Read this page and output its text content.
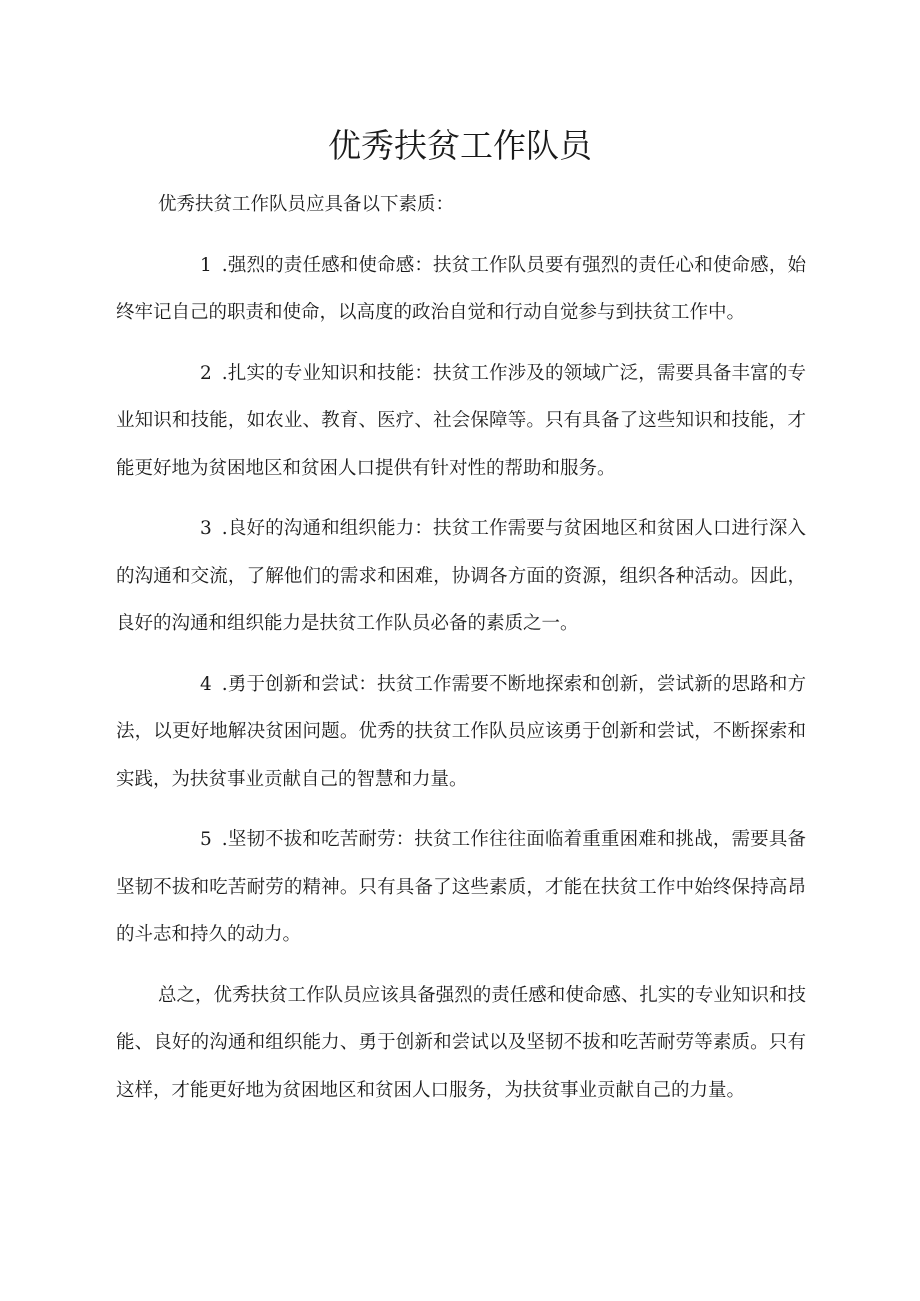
优秀扶贫工作队员

优秀扶贫工作队员应具备以下素质：

1 .强烈的责任感和使命感：扶贫工作队员要有强烈的责任心和使命感，始终牢记自己的职责和使命，以高度的政治自觉和行动自觉参与到扶贫工作中。

2 .扎实的专业知识和技能：扶贫工作涉及的领域广泛，需要具备丰富的专业知识和技能，如农业、教育、医疗、社会保障等。只有具备了这些知识和技能，才能更好地为贫困地区和贫困人口提供有针对性的帮助和服务。

3 .良好的沟通和组织能力：扶贫工作需要与贫困地区和贫困人口进行深入的沟通和交流，了解他们的需求和困难，协调各方面的资源，组织各种活动。因此，良好的沟通和组织能力是扶贫工作队员必备的素质之一。

4 .勇于创新和尝试：扶贫工作需要不断地探索和创新，尝试新的思路和方法，以更好地解决贫困问题。优秀的扶贫工作队员应该勇于创新和尝试，不断探索和实践，为扶贫事业贡献自己的智慧和力量。

5 .坚韧不拔和吃苦耐劳：扶贫工作往往面临着重重困难和挑战，需要具备坚韧不拔和吃苦耐劳的精神。只有具备了这些素质，才能在扶贫工作中始终保持高昂的斗志和持久的动力。

总之，优秀扶贫工作队员应该具备强烈的责任感和使命感、扎实的专业知识和技能、良好的沟通和组织能力、勇于创新和尝试以及坚韧不拔和吃苦耐劳等素质。只有这样，才能更好地为贫困地区和贫困人口服务，为扶贫事业贡献自己的力量。
